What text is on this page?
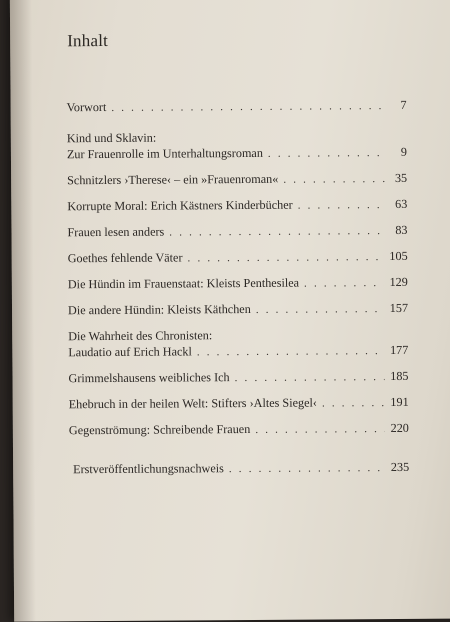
Inhalt
Vorwort . . .	7
Kind und Sklavin:
Zur Frauenrolle im Unterhaltungsroman . . .	9
Schnitzlers ›Therese‹ – ein »Frauenroman« . . .	35
Korrupte Moral: Erich Kästners Kinderbücher . . .	63
Frauen lesen anders . . .	83
Goethes fehlende Väter . . .	105
Die Hündin im Frauenstaat: Kleists Penthesilea . . .	129
Die andere Hündin: Kleists Käthchen . . .	157
Die Wahrheit des Chronisten:
Laudatio auf Erich Hackl . . .	177
Grimmelshausens weibliches Ich . . .	185
Ehebruch in der heilen Welt: Stifters ›Altes Siegel‹ . . .	191
Gegenströmung: Schreibende Frauen . . .	220
Erstveröffentlichungsnachweis . . .	235
